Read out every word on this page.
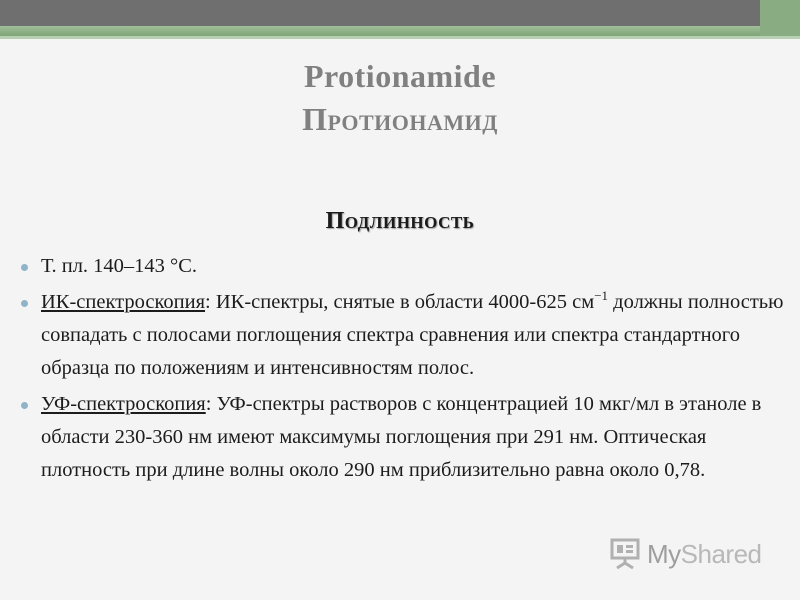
Protionamide
Протионамид
Подлинность
Т. пл. 140–143 °С.
ИК-спектроскопия: ИК-спектры, снятые в области 4000-625 $см^{-1}$ должны полностью совпадать с полосами поглощения спектра сравнения или спектра стандартного образца по положениям и интенсивностям полос.
УФ-спектроскопия: УФ-спектры растворов с концентрацией 10 мкг/мл в этаноле в области 230-360 нм имеют максимумы поглощения при 291 нм. Оптическая плотность при длине волны около 290 нм приблизительно равна около 0,78.
MyShared
